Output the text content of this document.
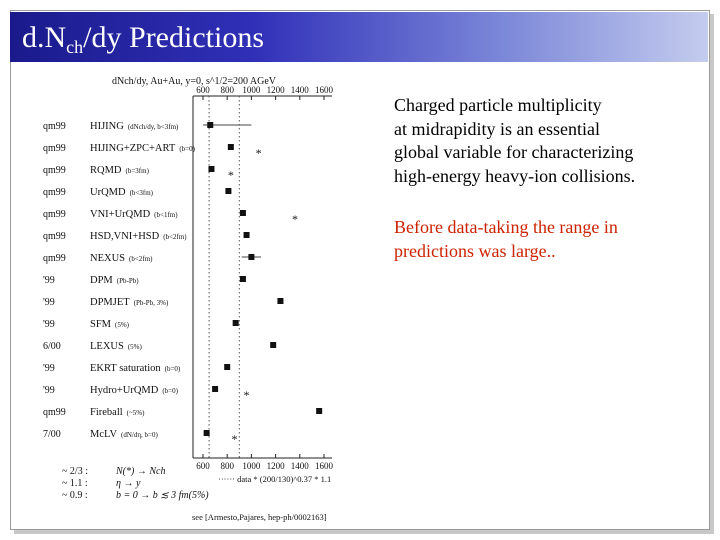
$d.N_{ch}/dy$ Predictions
dNch/dy, Au+Au, y=0, s^1/2=200 AGeV
600
600
800
800
1000
1000
1200
1200
1400
1400
1600
1600
qm99 HIJING (dNch/dy, b<3fm)
qm99 HIJING+ZPC+ART (b=0)	*
qm99 RQMD (b=3fm)	*
qm99 UrQMD (b<3fm)
qm99 VNI+UrQMD (b<1fm)	*
qm99 HSD,VNI+HSD (b<2fm)
qm99 NEXUS (b<2fm)
'99	DPM (Pb-Pb)
'99	DPMJET (Pb-Pb, 3%)
'99	SFM (5%)
6/00	LEXUS (5%)
'99	EKRT saturation (b=0)
'99	Hydro+UrQMD (b=0)	*
qm99 Fireball (~5%)
7/00	McLV (dN/dη, b=0)	*
······ data * (200/130)^0.37 * 1.1
~ 2/3 :	N(*) → Nch
~ 1.1 :	η → y
~ 0.9 :	b = 0 → b ≲ 3 fm(5%)
see [Armesto,Pajares, hep-ph/0002163]
Charged particle multiplicity
at midrapidity is an essential
global variable for characterizing
high-energy heavy-ion collisions.
Before data-taking the range in
predictions was large..
